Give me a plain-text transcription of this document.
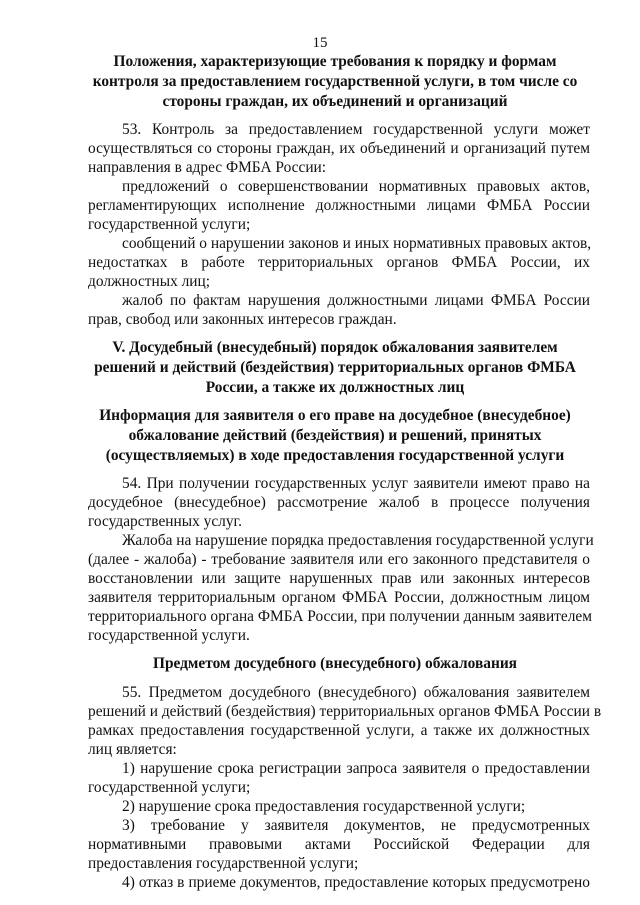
15
Положения, характеризующие требования к порядку и формам
контроля за предоставлением государственной услуги, в том числе со
стороны граждан, их объединений и организаций
53. Контроль за предоставлением государственной услуги может
осуществляться со стороны граждан, их объединений и организаций путем
направления в адрес ФМБА России:
предложений о совершенствовании нормативных правовых актов,
регламентирующих исполнение должностными лицами ФМБА России
государственной услуги;
сообщений о нарушении законов и иных нормативных правовых актов,
недостатках в работе территориальных органов ФМБА России, их
должностных лиц;
жалоб по фактам нарушения должностными лицами ФМБА России
прав, свобод или законных интересов граждан.
V. Досудебный (внесудебный) порядок обжалования заявителем
решений и действий (бездействия) территориальных органов ФМБА
России, а также их должностных лиц
Информация для заявителя о его праве на досудебное (внесудебное)
обжалование действий (бездействия) и решений, принятых
(осуществляемых) в ходе предоставления государственной услуги
54. При получении государственных услуг заявители имеют право на
досудебное (внесудебное) рассмотрение жалоб в процессе получения
государственных услуг.
Жалоба на нарушение порядка предоставления государственной услуги
(далее - жалоба) - требование заявителя или его законного представителя о
восстановлении или защите нарушенных прав или законных интересов
заявителя территориальным органом ФМБА России, должностным лицом
территориального органа ФМБА России, при получении данным заявителем
государственной услуги.
Предметом досудебного (внесудебного) обжалования
55. Предметом досудебного (внесудебного) обжалования заявителем
решений и действий (бездействия) территориальных органов ФМБА России в
рамках предоставления государственной услуги, а также их должностных
лиц является:
1) нарушение срока регистрации запроса заявителя о предоставлении
государственной услуги;
2) нарушение срока предоставления государственной услуги;
3) требование у заявителя документов, не предусмотренных
нормативными правовыми актами Российской Федерации для
предоставления государственной услуги;
4) отказ в приеме документов, предоставление которых предусмотрено
